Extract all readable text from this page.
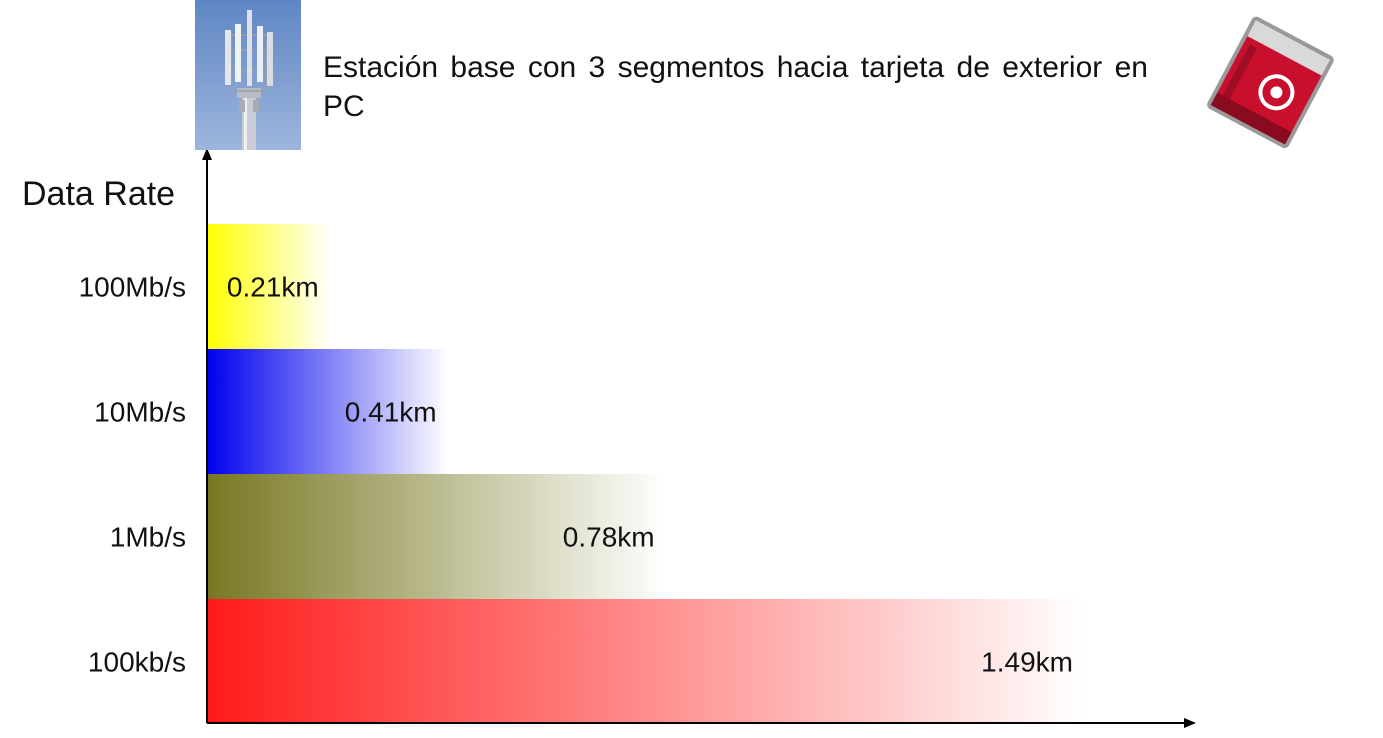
Data Rate
100Mb/s 0.21km
10Mb/s	0.41km
1Mb/s	0.78km
100kb/s	1.49km
Estación base con 3 segmentos hacia tarjeta de exterior en PC
